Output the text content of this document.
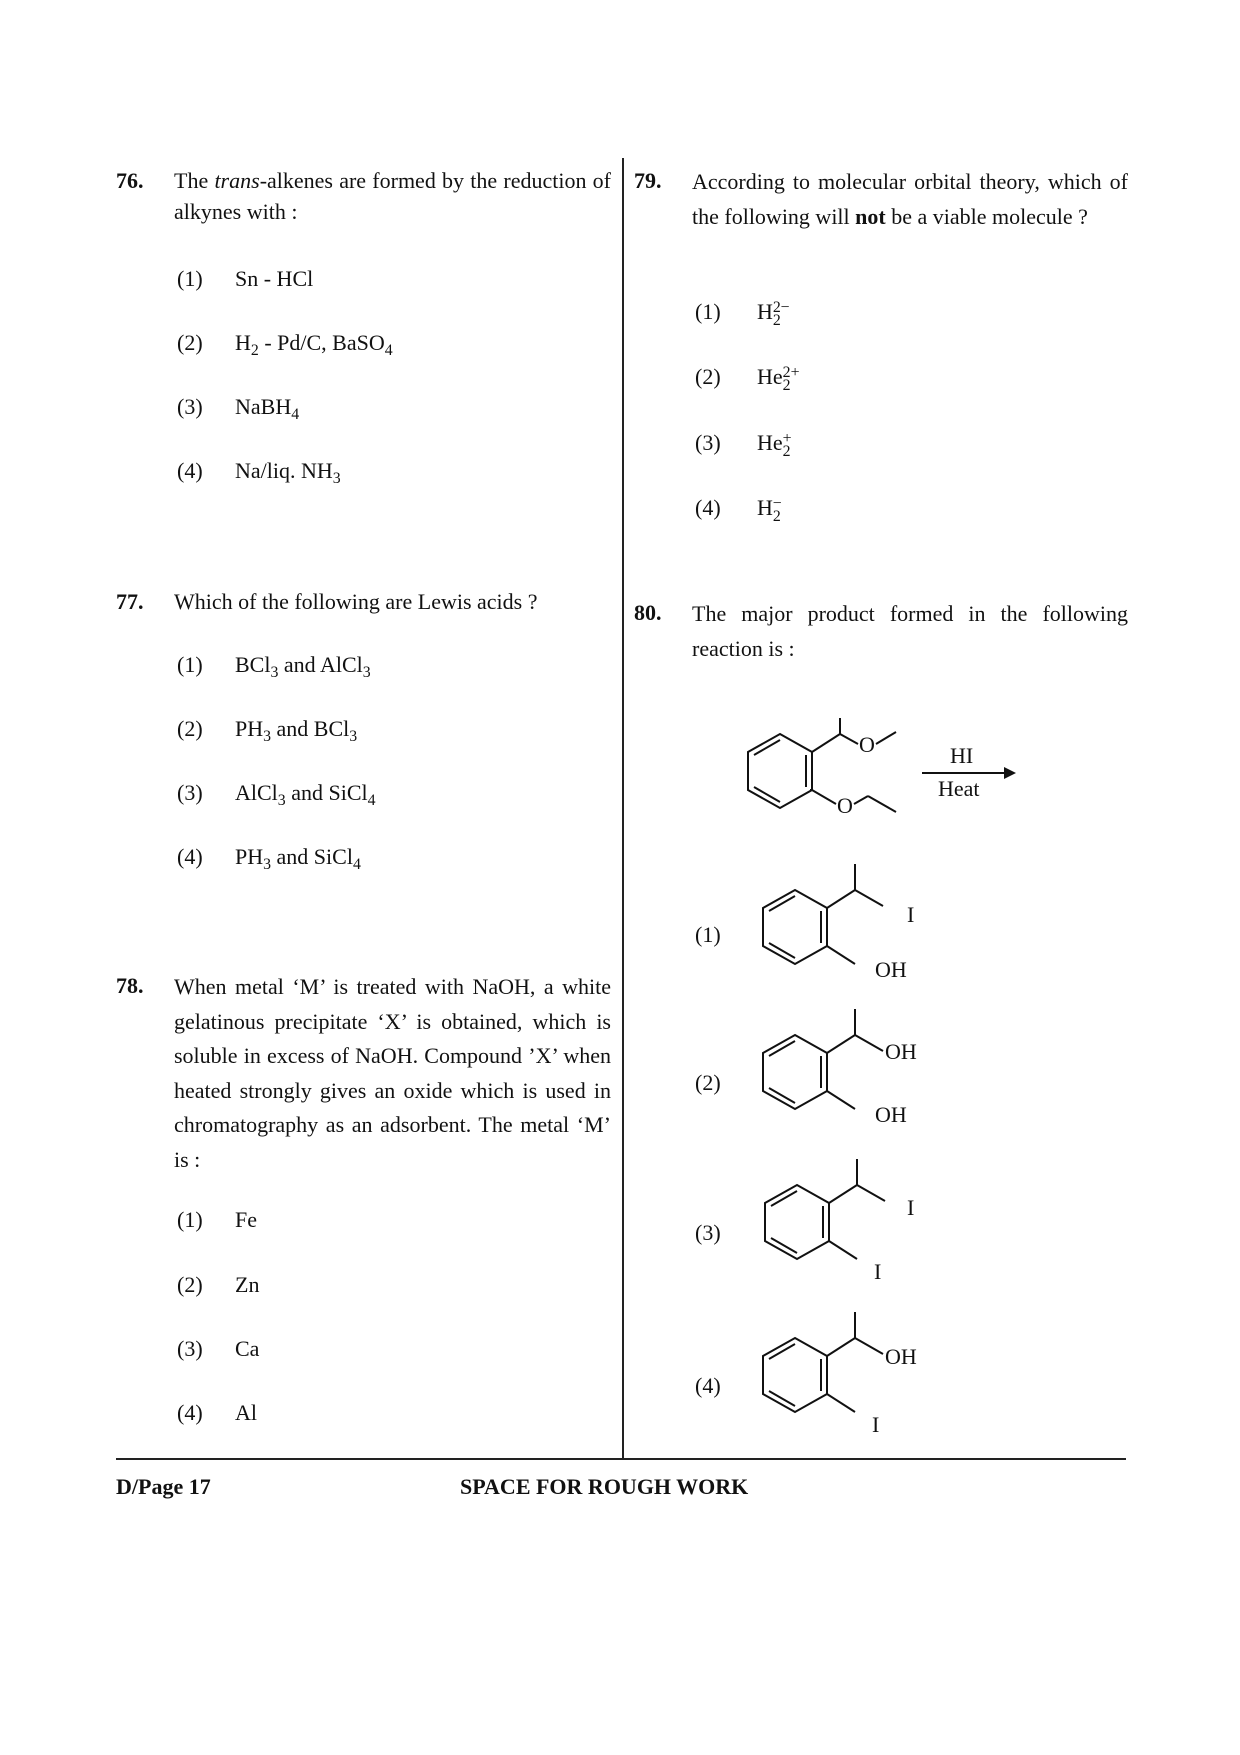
76. The trans-alkenes are formed by the reduction of alkynes with :
(1) Sn - HCl
(2) $H_2 - Pd/C$, BaSO$_4$
(3) NaBH$_4$
(4) Na/liq. $NH_3$
77. Which of the following are Lewis acids ?
(1) BCl$_3$ and AlCl$_3$
(2) $PH_3$ and BCl$_3$
(3) AlCl$_3$ and SiCl$_4$
(4) $PH_3$ and SiCl$_4$
78. When metal ‘M’ is treated with NaOH, a white gelatinous precipitate ‘X’ is obtained, which is soluble in excess of NaOH. Compound ’X’ when heated strongly gives an oxide which is used in chromatography as an adsorbent. The metal ‘M’ is :
(1) Fe
(2) Zn
(3) Ca
(4) Al
79. According to molecular orbital theory, which of the following will not be a viable molecule ?
(1) H 2−
2
(2) He 2+
2
(3) He +
2
(4) H −
2
80. The major product formed in the following reaction is :
O
O
HI
Heat
(1)
I
OH
(2)
OH
OH
(3)
I
I
(4)
OH
I
D/Page 17	SPACE FOR ROUGH WORK
